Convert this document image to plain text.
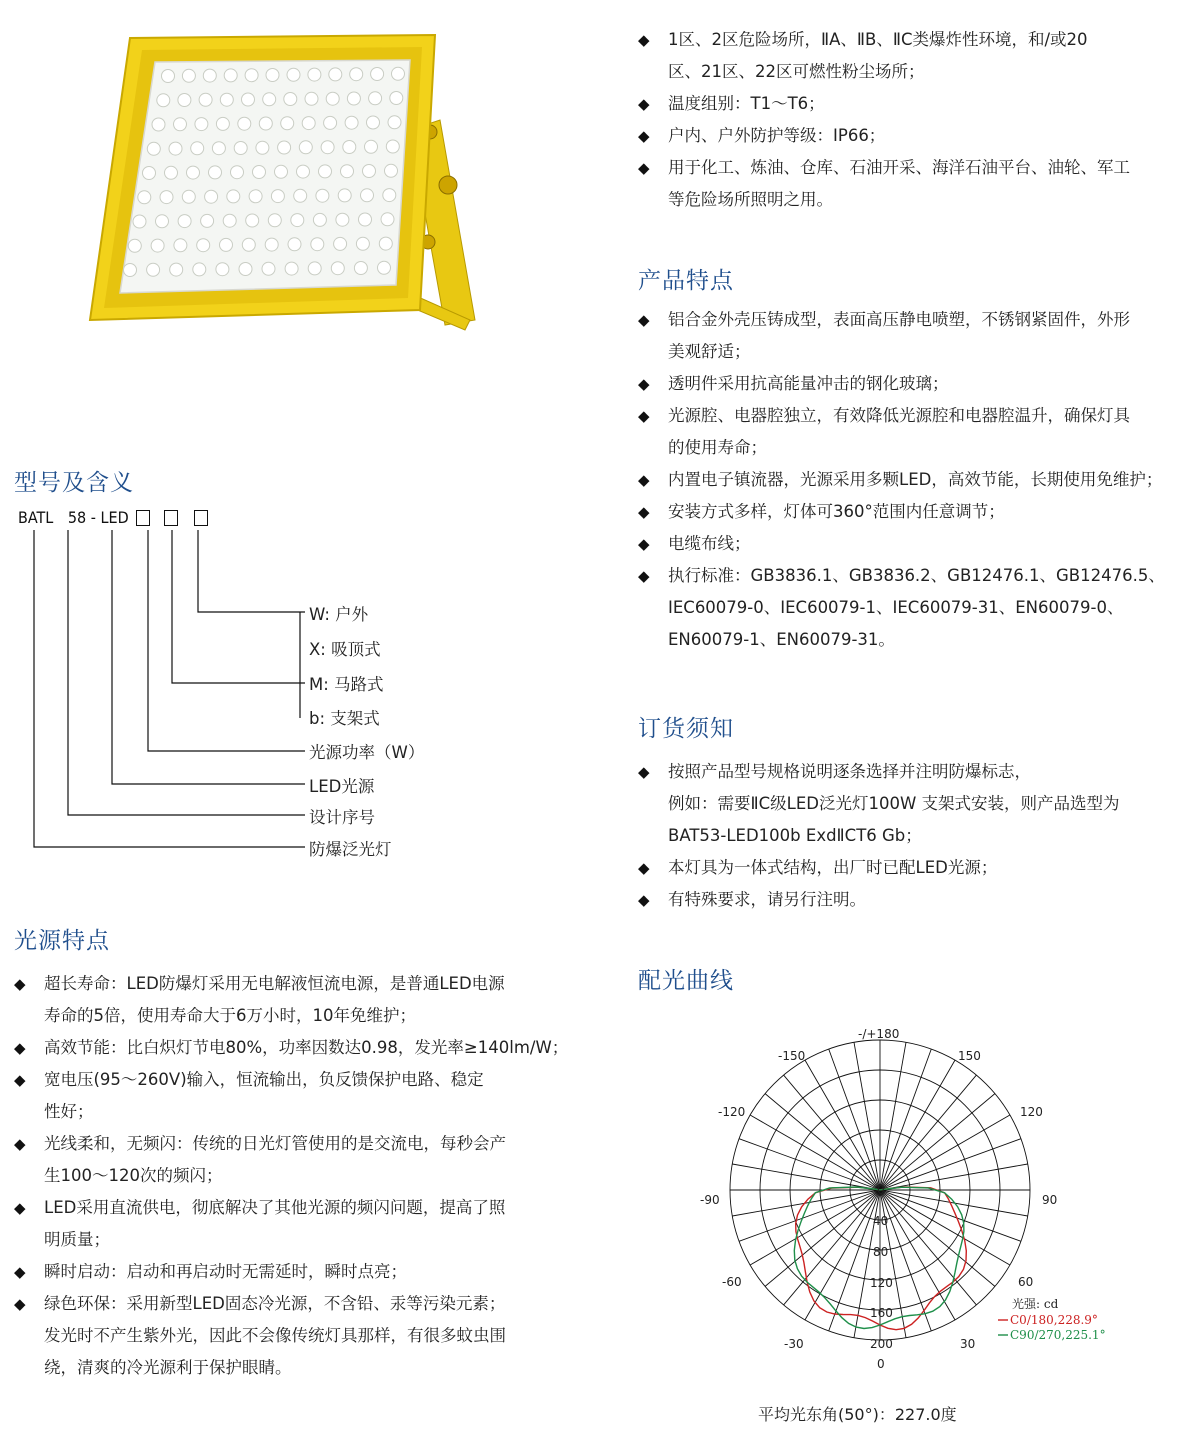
◆ 1区、2区危险场所，ⅡA、ⅡB、ⅡC类爆炸性环境，和/或20
区、21区、22区可燃性粉尘场所；
◆ 温度组别：T1～T6；
◆ 户内、户外防护等级：IP66；
◆ 用于化工、炼油、仓库、石油开采、海洋石油平台、油轮、军工
等危险场所照明之用。
产品特点
◆ 铝合金外壳压铸成型，表面高压静电喷塑，不锈钢紧固件，外形
美观舒适；
◆ 透明件采用抗高能量冲击的钢化玻璃；
◆ 光源腔、电器腔独立，有效降低光源腔和电器腔温升，确保灯具
的使用寿命；
◆ 内置电子镇流器，光源采用多颗LED，高效节能，长期使用免维护；
◆ 安装方式多样，灯体可360°范围内任意调节；
◆ 电缆布线；
◆ 执行标准：GB3836.1、GB3836.2、GB12476.1、GB12476.5、
IEC60079-0、IEC60079-1、IEC60079-31、EN60079-0、
EN60079-1、EN60079-31。
订货须知
◆ 按照产品型号规格说明逐条选择并注明防爆标志，
例如：需要ⅡC级LED泛光灯100W 支架式安装，则产品选型为
BAT53-LED100b ExdⅡCT6 Gb；
◆ 本灯具为一体式结构，出厂时已配LED光源；
◆ 有特殊要求，请另行注明。
型号及含义
BATL 58 - LED
W: 户外
X: 吸顶式
M: 马路式
b: 支架式
光源功率（W）
LED光源
设计序号
防爆泛光灯
光源特点
◆ 超长寿命：LED防爆灯采用无电解液恒流电源，是普通LED电源
寿命的5倍，使用寿命大于6万小时，10年免维护；
◆ 高效节能：比白炽灯节电80%，功率因数达0.98，发光率≥140lm/W；
◆ 宽电压(95～260V)输入，恒流输出，负反馈保护电路、稳定
性好；
◆ 光线柔和，无频闪：传统的日光灯管使用的是交流电，每秒会产
生100～120次的频闪；
◆ LED采用直流供电，彻底解决了其他光源的频闪问题，提高了照
明质量；
◆ 瞬时启动：启动和再启动时无需延时，瞬时点亮；
◆ 绿色环保：采用新型LED固态冷光源，不含铅、汞等污染元素；
发光时不产生紫外光，因此不会像传统灯具那样，有很多蚊虫围
绕，清爽的冷光源利于保护眼睛。
配光曲线
-/+180
-150	150
-120	120
-90	90
-60	60
-30	30
0
0
40
80
120
160
200
光强: cd
C0/180,228.9°
C90/270,225.1°
平均光东角(50°)：227.0度
